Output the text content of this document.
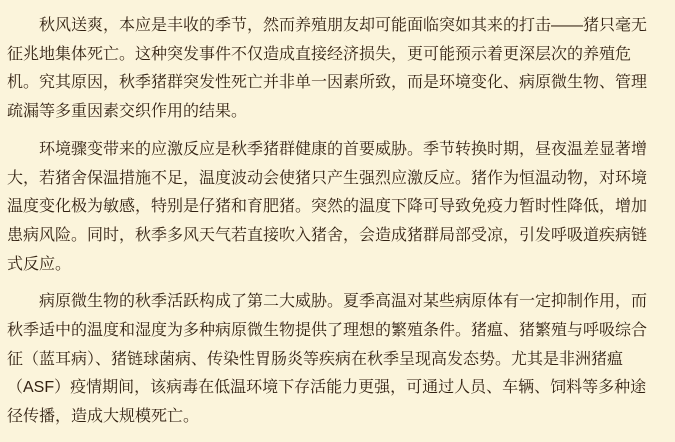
秋风送爽，本应是丰收的季节，然而养殖朋友却可能面临突如其来的打击——猪只毫无征兆地集体死亡。这种突发事件不仅造成直接经济损失，更可能预示着更深层次的养殖危机。究其原因，秋季猪群突发性死亡并非单一因素所致，而是环境变化、病原微生物、管理疏漏等多重因素交织作用的结果。

环境骤变带来的应激反应是秋季猪群健康的首要威胁。季节转换时期，昼夜温差显著增大，若猪舍保温措施不足，温度波动会使猪只产生强烈应激反应。猪作为恒温动物，对环境温度变化极为敏感，特别是仔猪和育肥猪。突然的温度下降可导致免疫力暂时性降低，增加患病风险。同时，秋季多风天气若直接吹入猪舍，会造成猪群局部受凉，引发呼吸道疾病链式反应。

病原微生物的秋季活跃构成了第二大威胁。夏季高温对某些病原体有一定抑制作用，而秋季适中的温度和湿度为多种病原微生物提供了理想的繁殖条件。猪瘟、猪繁殖与呼吸综合征（蓝耳病）、猪链球菌病、传染性胃肠炎等疾病在秋季呈现高发态势。尤其是非洲猪瘟（ASF）疫情期间，该病毒在低温环境下存活能力更强，可通过人员、车辆、饲料等多种途径传播，造成大规模死亡。
